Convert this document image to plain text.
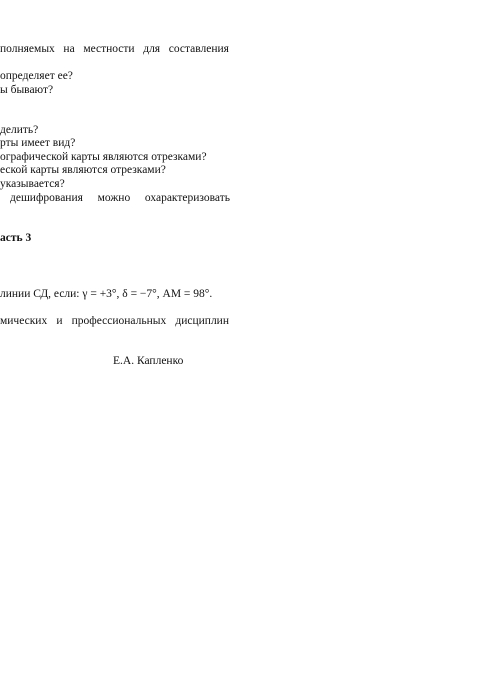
полняемых на местности для составления
определяет ее?
ы бывают?
делить?
рты имеет вид?
ографической карты являются отрезками?
еской карты являются отрезками?
указывается?
дешифрования можно охарактеризовать
асть 3
линии СД, если: γ = +3°, δ = −7°, АМ = 98°.
мических и профессиональных дисциплин
Е.А. Капленко
